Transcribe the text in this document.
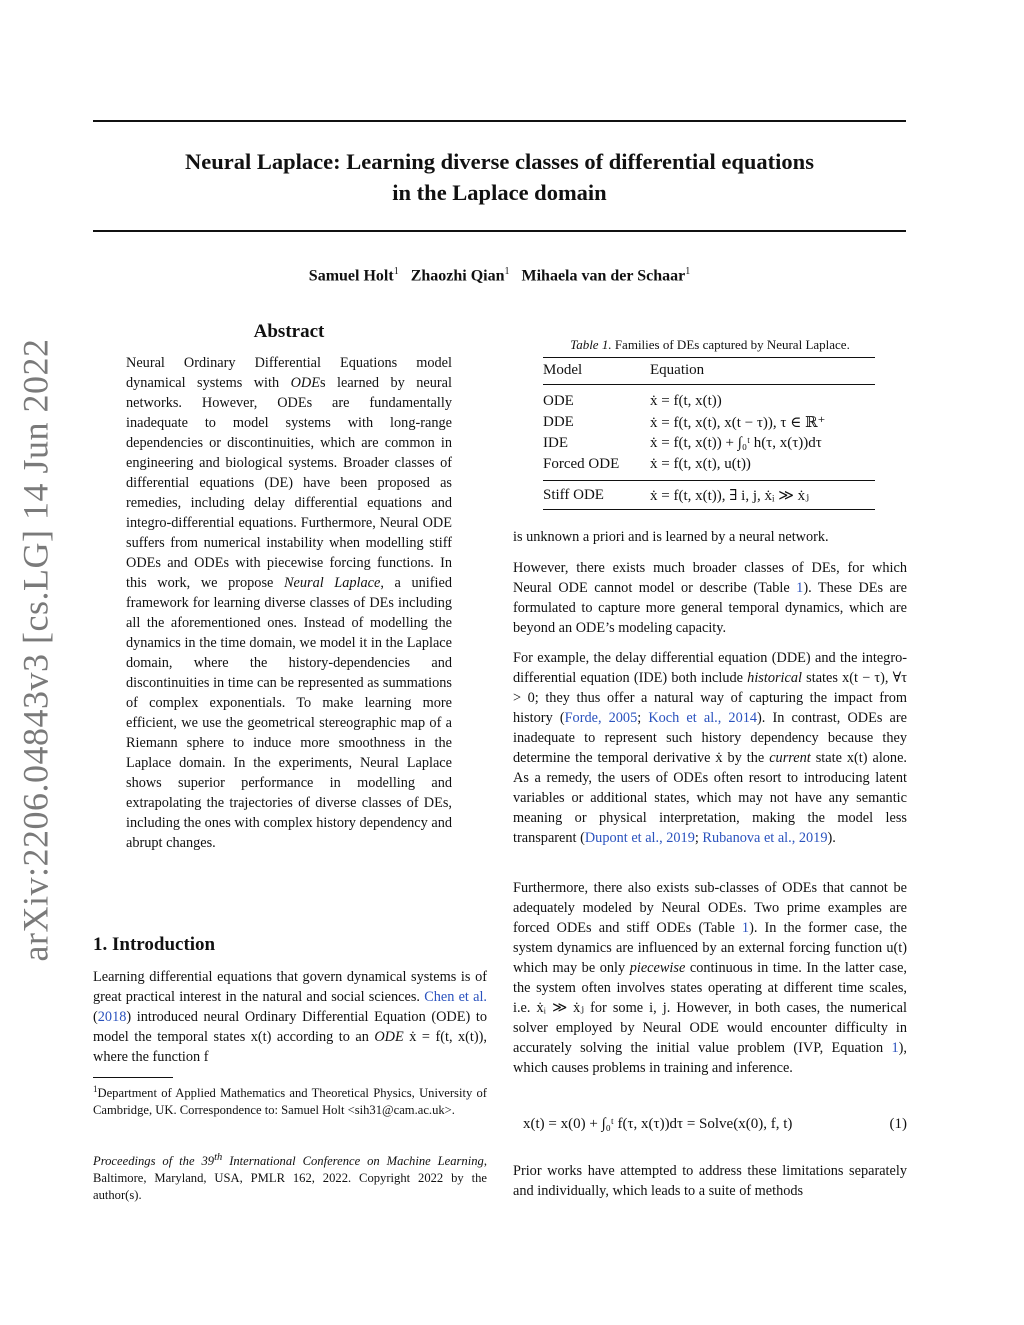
Neural Laplace: Learning diverse classes of differential equations
in the Laplace domain
Samuel Holt$^1$ Zhaozhi Qian$^1$ Mihaela van der Schaar$^1$
arXiv:2206.04843v3 [cs.LG] 14 Jun 2022
Abstract
Neural Ordinary Differential Equations model dynamical systems with ODEs learned by neural networks. However, ODEs are fundamentally inadequate to model systems with long-range dependencies or discontinuities, which are common in engineering and biological systems. Broader classes of differential equations (DE) have been proposed as remedies, including delay differential equations and integro-differential equations. Furthermore, Neural ODE suffers from numerical instability when modelling stiff ODEs and ODEs with piecewise forcing functions. In this work, we propose Neural Laplace, a unified framework for learning diverse classes of DEs including all the aforementioned ones. Instead of modelling the dynamics in the time domain, we model it in the Laplace domain, where the history-dependencies and discontinuities in time can be represented as summations of complex exponentials. To make learning more efficient, we use the geometrical stereographic map of a Riemann sphere to induce more smoothness in the Laplace domain. In the experiments, Neural Laplace shows superior performance in modelling and extrapolating the trajectories of diverse classes of DEs, including the ones with complex history dependency and abrupt changes.
1. Introduction
Learning differential equations that govern dynamical systems is of great practical interest in the natural and social sciences. Chen et al. (2018) introduced neural Ordinary Differential Equation (ODE) to model the temporal states x(t) according to an ODE ẋ = f(t, x(t)), where the function f
$^1$Department of Applied Mathematics and Theoretical Physics, University of Cambridge, UK. Correspondence to: Samuel Holt <sih31@cam.ac.uk>.
Proceedings of the 39th International Conference on Machine Learning, Baltimore, Maryland, USA, PMLR 162, 2022. Copyright 2022 by the author(s).
Table 1. Families of DEs captured by Neural Laplace.
Model	Equation
ODE	ẋ = f(t, x(t))
DDE	ẋ = f(t, x(t), x(t − τ)), τ ∈ ℝ⁺
IDE	ẋ = f(t, x(t)) + ∫₀ᵗ h(τ, x(τ))dτ
Forced ODE	ẋ = f(t, x(t), u(t))
Stiff ODE	ẋ = f(t, x(t)), ∃ i, j, ẋᵢ ≫ ẋⱼ

is unknown a priori and is learned by a neural network.

However, there exists much broader classes of DEs, for which Neural ODE cannot model or describe (Table 1). These DEs are formulated to capture more general temporal dynamics, which are beyond an ODE’s modeling capacity.

For example, the delay differential equation (DDE) and the integro-differential equation (IDE) both include historical states x(t − τ), ∀τ > 0; they thus offer a natural way of capturing the impact from history (Forde, 2005; Koch et al., 2014). In contrast, ODEs are inadequate to represent such history dependency because they determine the temporal derivative ẋ by the current state x(t) alone. As a remedy, the users of ODEs often resort to introducing latent variables or additional states, which may not have any semantic meaning or physical interpretation, making the model less transparent (Dupont et al., 2019; Rubanova et al., 2019).

Furthermore, there also exists sub-classes of ODEs that cannot be adequately modeled by Neural ODEs. Two prime examples are forced ODEs and stiff ODEs (Table 1). In the former case, the system dynamics are influenced by an external forcing function u(t) which may be only piecewise continuous in time. In the latter case, the system often involves states operating at different time scales, i.e. ẋᵢ ≫ ẋⱼ for some i, j. However, in both cases, the numerical solver employed by Neural ODE would encounter difficulty in accurately solving the initial value problem (IVP, Equation 1), which causes problems in training and inference.

x(t) = x(0) + ∫₀ᵗ f(τ, x(τ))dτ = Solve(x(0), f, t)	(1)

Prior works have attempted to address these limitations separately and individually, which leads to a suite of methods
